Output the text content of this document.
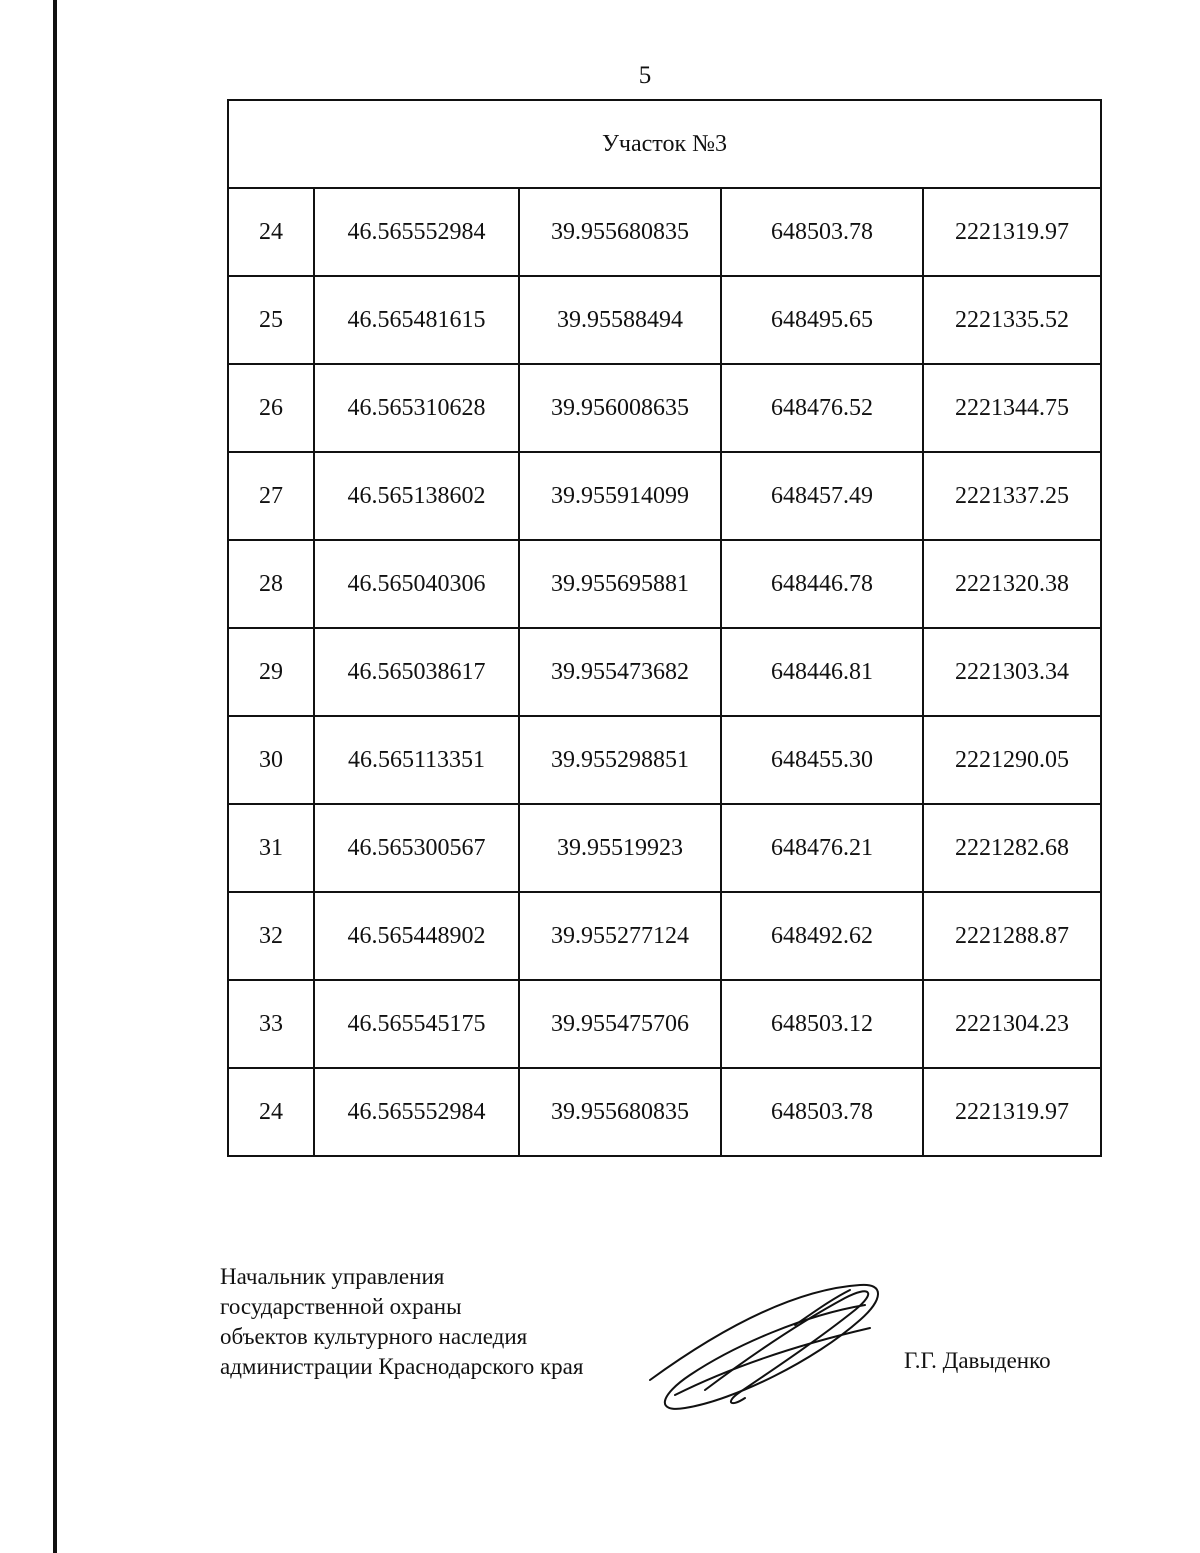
5
Участок №3				
24	46.565552984	39.955680835	648503.78	2221319.97
25	46.565481615	39.95588494	648495.65	2221335.52
26	46.565310628	39.956008635	648476.52	2221344.75
27	46.565138602	39.955914099	648457.49	2221337.25
28	46.565040306	39.955695881	648446.78	2221320.38
29	46.565038617	39.955473682	648446.81	2221303.34
30	46.565113351	39.955298851	648455.30	2221290.05
31	46.565300567	39.95519923	648476.21	2221282.68
32	46.565448902	39.955277124	648492.62	2221288.87
33	46.565545175	39.955475706	648503.12	2221304.23
24	46.565552984	39.955680835	648503.78	2221319.97
Начальник управления
государственной охраны
объектов культурного наследия
администрации Краснодарского края	Г.Г. Давыденко
